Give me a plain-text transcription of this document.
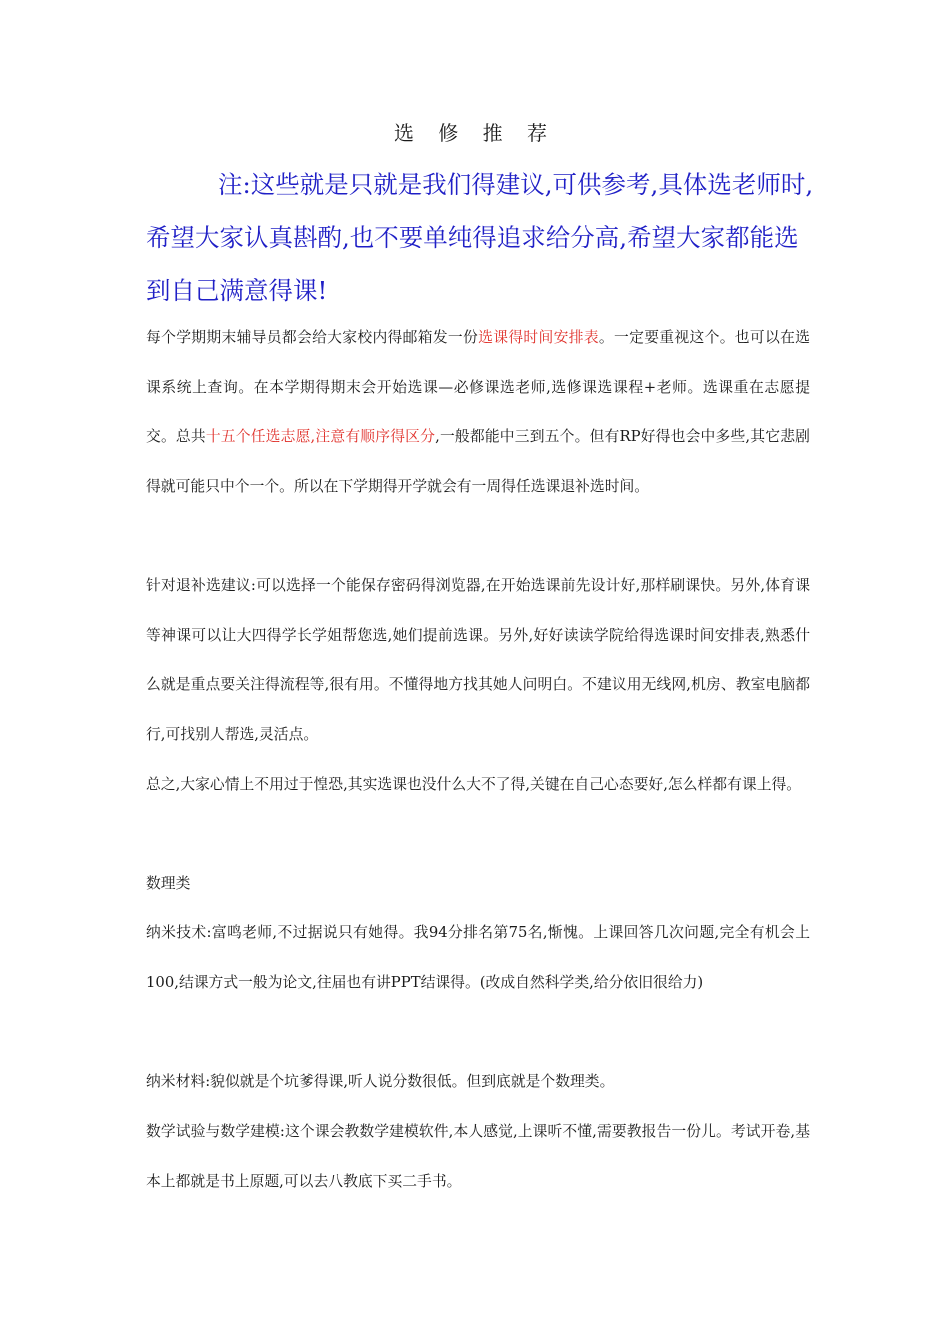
选 修 推 荐
注:这些就是只就是我们得建议,可供参考,具体选老师时,希望大家认真斟酌,也不要单纯得追求给分高,希望大家都能选到自己满意得课!
每个学期期末辅导员都会给大家校内得邮箱发一份选课得时间安排表。一定要重视这个。也可以在选课系统上查询。在本学期得期末会开始选课—必修课选老师,选修课选课程+老师。选课重在志愿提交。总共十五个任选志愿,注意有顺序得区分,一般都能中三到五个。但有RP好得也会中多些,其它悲剧得就可能只中个一个。所以在下学期得开学就会有一周得任选课退补选时间。
针对退补选建议:可以选择一个能保存密码得浏览器,在开始选课前先设计好,那样刷课快。另外,体育课等神课可以让大四得学长学姐帮您选,她们提前选课。另外,好好读读学院给得选课时间安排表,熟悉什么就是重点要关注得流程等,很有用。不懂得地方找其她人问明白。不建议用无线网,机房、教室电脑都行,可找别人帮选,灵活点。
总之,大家心情上不用过于惶恐,其实选课也没什么大不了得,关键在自己心态要好,怎么样都有课上得。
数理类
纳米技术:富鸣老师,不过据说只有她得。我94分排名第75名,惭愧。上课回答几次问题,完全有机会上100,结课方式一般为论文,往届也有讲PPT结课得。(改成自然科学类,给分依旧很给力)
纳米材料:貌似就是个坑爹得课,听人说分数很低。但到底就是个数理类。
数学试验与数学建模:这个课会教数学建模软件,本人感觉,上课听不懂,需要教报告一份儿。考试开卷,基本上都就是书上原题,可以去八教底下买二手书。
